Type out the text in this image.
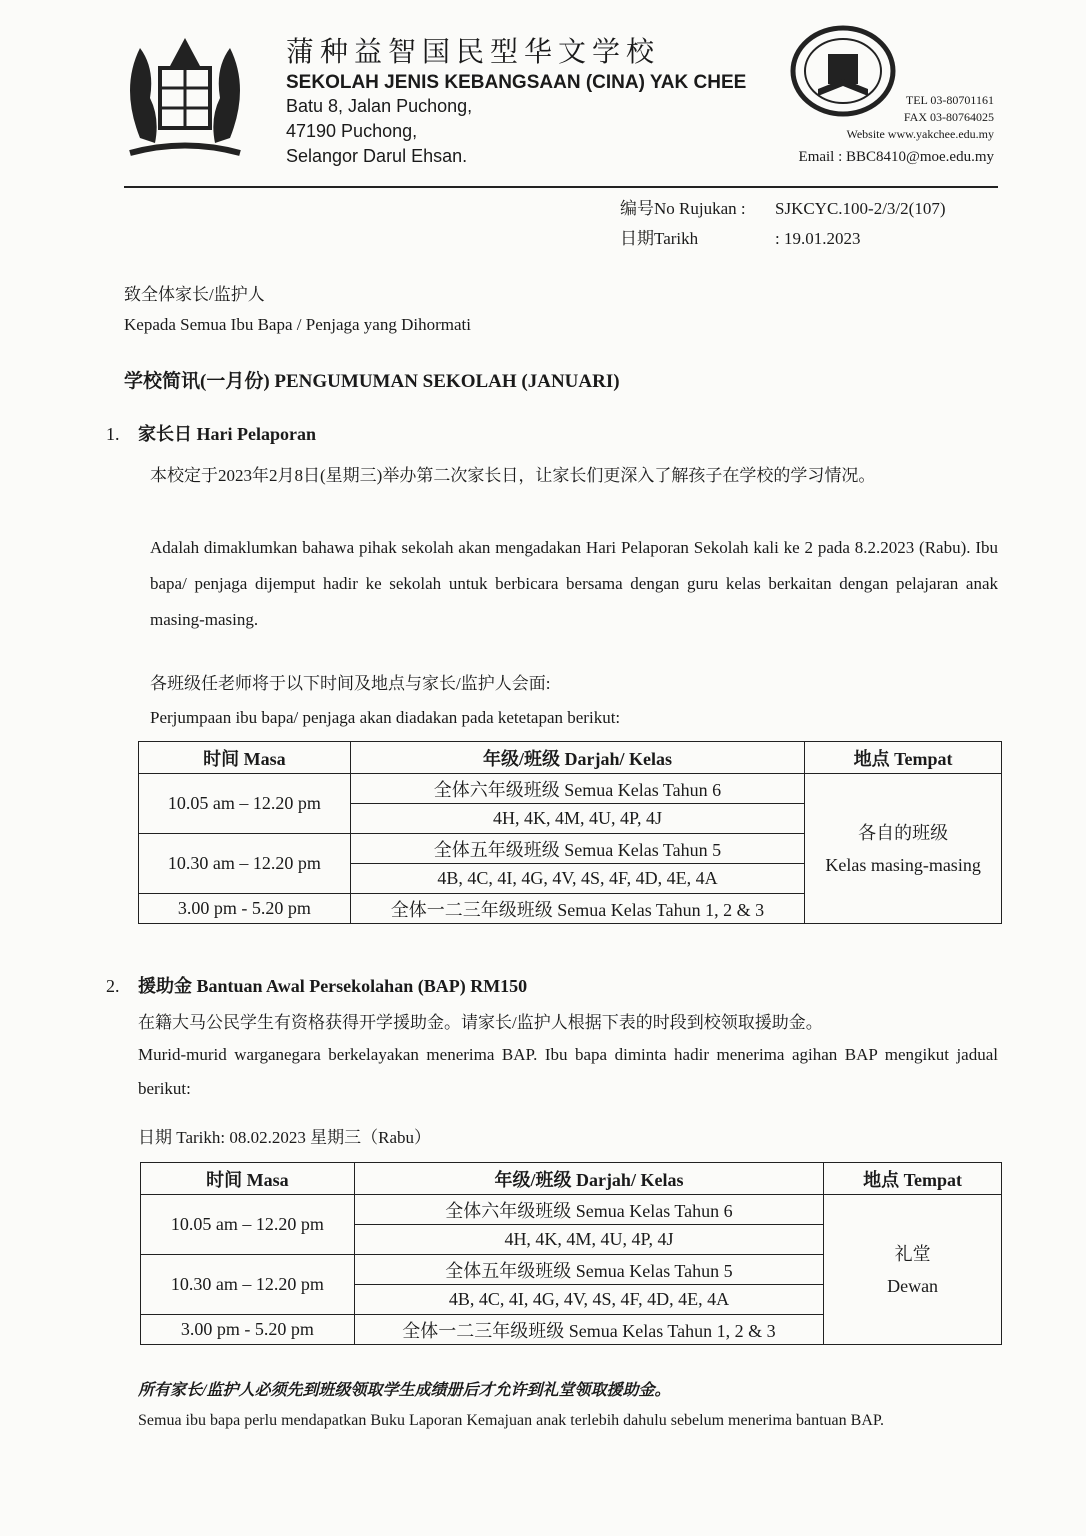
蒲种益智国民型华文学校
SEKOLAH JENIS KEBANGSAAN (CINA) YAK CHEE
Batu 8, Jalan Puchong,
47190 Puchong,
Selangor Darul Ehsan.
TEL 03-80701161
FAX 03-80764025
Website www.yakchee.edu.my
Email : BBC8410@moe.edu.my
编号No Rujukan : SJKCYC.100-2/3/2(107)
日期Tarikh	: 19.01.2023
致全体家长/监护人
Kepada Semua Ibu Bapa / Penjaga yang Dihormati
学校简讯(一月份) PENGUMUMAN SEKOLAH (JANUARI)
1. 家长日 Hari Pelaporan
本校定于2023年2月8日(星期三)举办第二次家长日，让家长们更深入了解孩子在学校的学习情况。
Adalah dimaklumkan bahawa pihak sekolah akan mengadakan Hari Pelaporan Sekolah kali ke 2 pada 8.2.2023 (Rabu). Ibu bapa/ penjaga dijemput hadir ke sekolah untuk berbicara bersama dengan guru kelas berkaitan dengan pelajaran anak masing-masing.
各班级任老师将于以下时间及地点与家长/监护人会面:
Perjumpaan ibu bapa/ penjaga akan diadakan pada ketetapan berikut:
时间 Masa	年级/班级 Darjah/ Kelas	地点 Tempat
10.05 am – 12.20 pm	全体六年级班级 Semua Kelas Tahun 6	各自的班级
Kelas masing-masing

	4H, 4K, 4M, 4U, 4P, 4J	
10.30 am – 12.20 pm	全体五年级班级 Semua Kelas Tahun 5	
	4B, 4C, 4I, 4G, 4V, 4S, 4F, 4D, 4E, 4A	
3.00 pm - 5.20 pm	全体一二三年级班级 Semua Kelas Tahun 1, 2 & 3	
2. 援助金 Bantuan Awal Persekolahan (BAP) RM150
在籍大马公民学生有资格获得开学援助金。请家长/监护人根据下表的时段到校领取援助金。
Murid-murid warganegara berkelayakan menerima BAP. Ibu bapa diminta hadir menerima agihan BAP mengikut jadual berikut:
日期 Tarikh: 08.02.2023 星期三（Rabu）
时间 Masa	年级/班级 Darjah/ Kelas	地点 Tempat
10.05 am – 12.20 pm	全体六年级班级 Semua Kelas Tahun 6	礼堂
Dewan

	4H, 4K, 4M, 4U, 4P, 4J	
10.30 am – 12.20 pm	全体五年级班级 Semua Kelas Tahun 5	
	4B, 4C, 4I, 4G, 4V, 4S, 4F, 4D, 4E, 4A	
3.00 pm - 5.20 pm	全体一二三年级班级 Semua Kelas Tahun 1, 2 & 3	
所有家长/监护人必须先到班级领取学生成绩册后才允许到礼堂领取援助金。
Semua ibu bapa perlu mendapatkan Buku Laporan Kemajuan anak terlebih dahulu sebelum menerima bantuan BAP.
